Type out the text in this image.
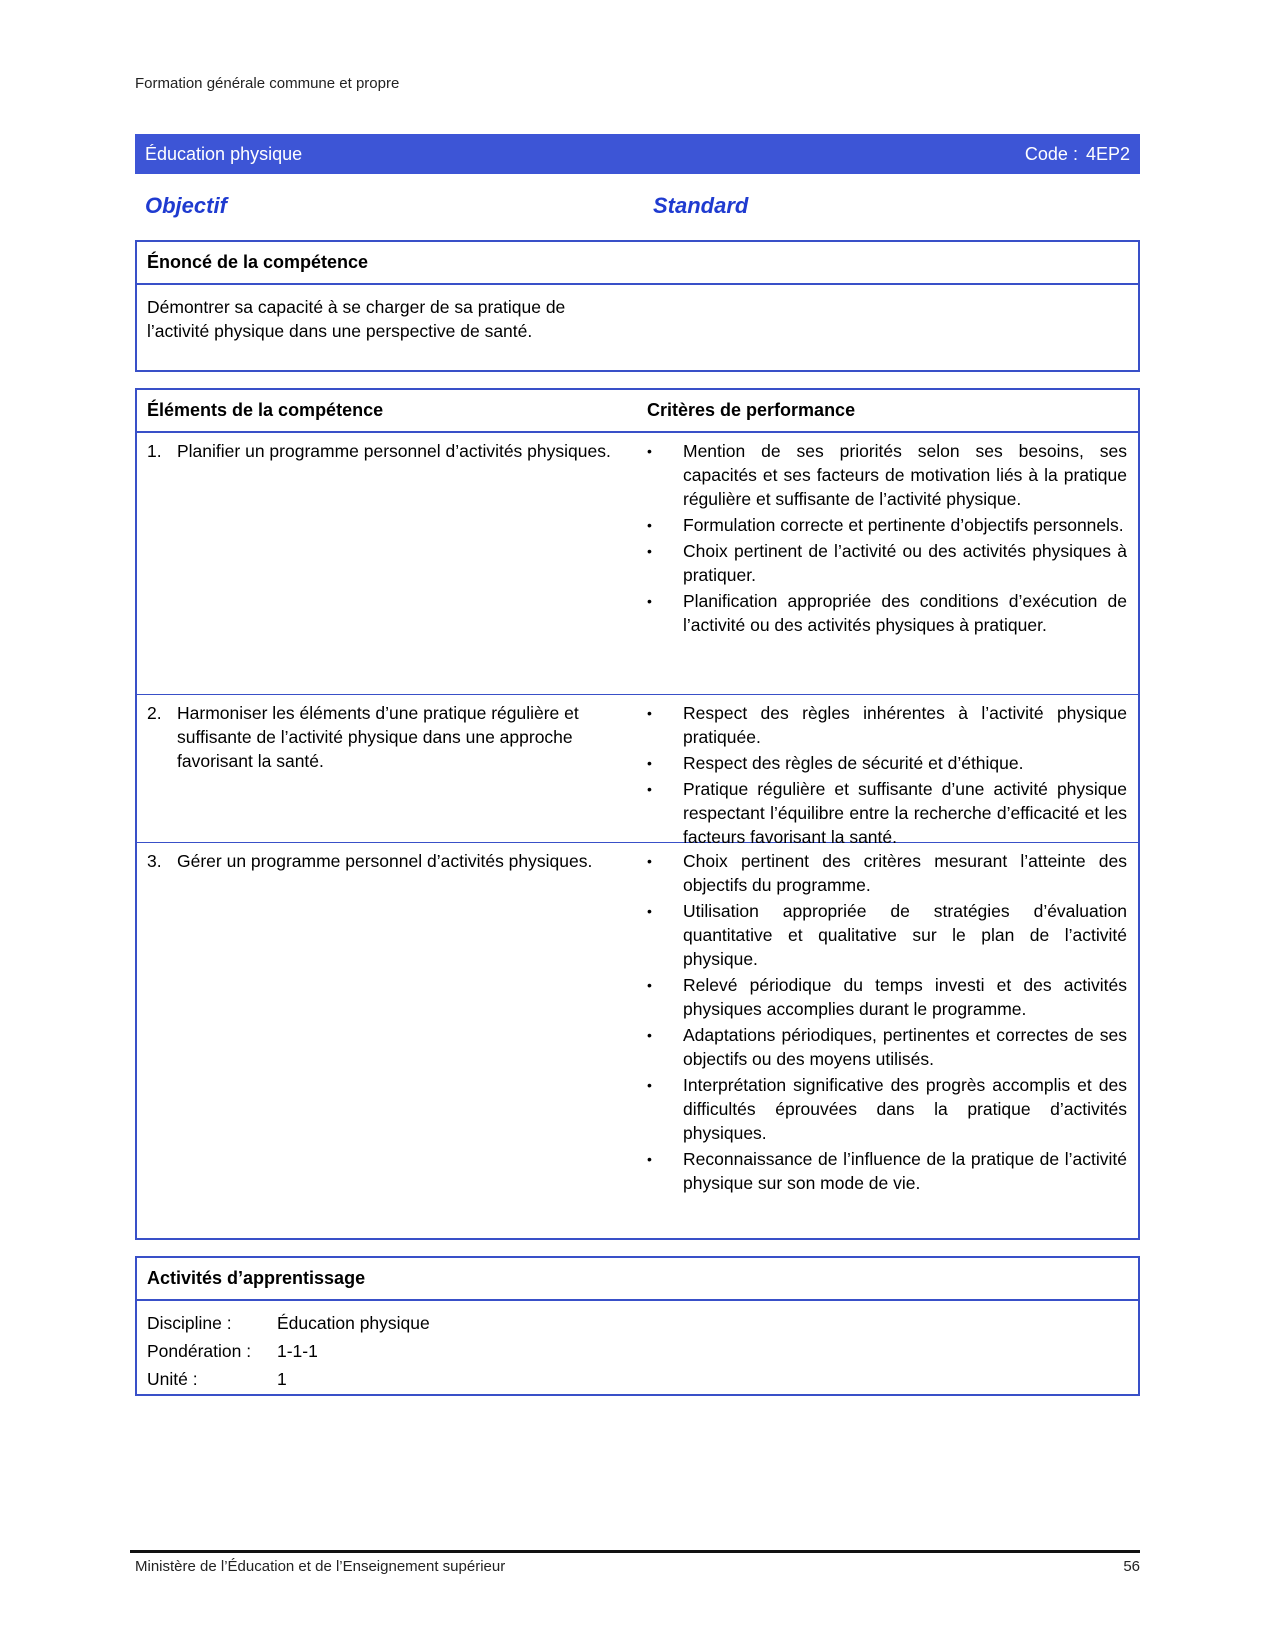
Formation générale commune et propre
Éducation physique	Code : 4EP2
Objectif	Standard
Énoncé de la compétence
Démontrer sa capacité à se charger de sa pratique de l’activité physique dans une perspective de santé.
Éléments de la compétence	Critères de performance
1. Planifier un programme personnel d’activités physiques.	•	Mention de ses priorités selon ses besoins, ses capacités et ses facteurs de motivation liés à la pratique régulière et suffisante de l’activité physique.
•	Formulation correcte et pertinente d’objectifs personnels.
•	Choix pertinent de l’activité ou des activités physiques à pratiquer.
•	Planification appropriée des conditions d’exécution de l’activité ou des activités physiques à pratiquer.
2. Harmoniser les éléments d’une pratique régulière et suffisante de l’activité physique dans une approche favorisant la santé.
•	Respect des règles inhérentes à l’activité physique pratiquée.
•	Respect des règles de sécurité et d’éthique.
•	Pratique régulière et suffisante d’une activité physique respectant l’équilibre entre la recherche d’efficacité et les facteurs favorisant la santé.
3. Gérer un programme personnel d’activités physiques.	•	Choix pertinent des critères mesurant l’atteinte des objectifs du programme.
•	Utilisation appropriée de stratégies d’évaluation quantitative et qualitative sur le plan de l’activité physique.
•	Relevé périodique du temps investi et des activités physiques accomplies durant le programme.
•	Adaptations périodiques, pertinentes et correctes de ses objectifs ou des moyens utilisés.
•	Interprétation significative des progrès accomplis et des difficultés éprouvées dans la pratique d’activités physiques.
•	Reconnaissance de l’influence de la pratique de l’activité physique sur son mode de vie.
Activités d’apprentissage
Discipline :	Éducation physique
Pondération :	1-1-1
Unité :	1
Ministère de l’Éducation et de l’Enseignement supérieur	56
